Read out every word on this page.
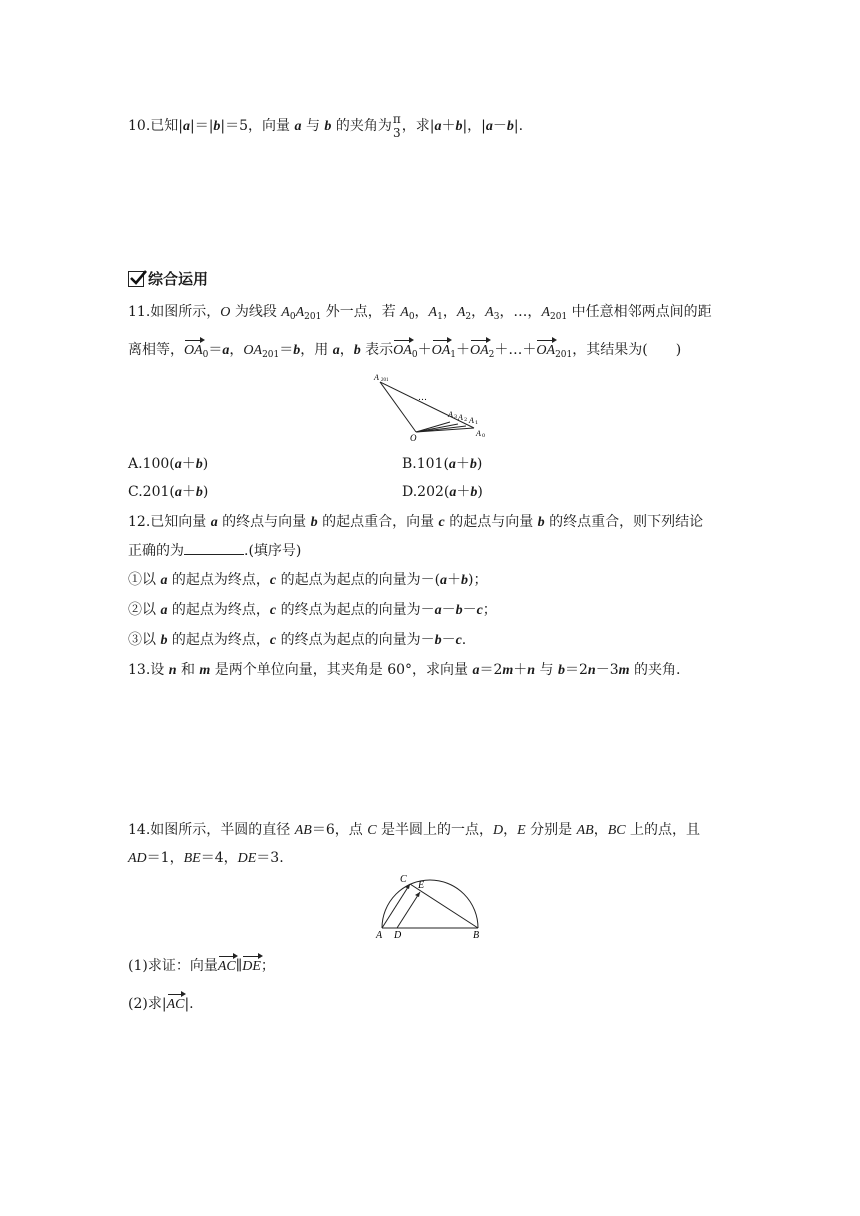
10.已知|a|＝|b|＝5，向量 a 与 b 的夹角为 π
3 ，求|a＋b|，|a－b|.
综合运用
11.如图所示，O 为线段 $A_0A_{201}$ 外一点，若 $A_0$，$A_1$，$A_2$，$A_3$，…，$A_{201}$ 中任意相邻两点间的距
离相等，$OA_0=a$，$OA_{201}=b$，用 a，b 表示$OA_0+OA_1+OA_2+\dots+OA_{201}$，其结果为(　　)
A 201
…
A 3 A 2 A 1
A 0
O
A.100(a＋b)	B.101(a＋b)
C.201(a＋b)	D.202(a＋b)
12.已知向量 a 的终点与向量 b 的起点重合，向量 c 的起点与向量 b 的终点重合，则下列结论
正确的为	.(填序号)
①以 a 的起点为终点，c 的起点为起点的向量为－(a＋b)；
②以 a 的起点为终点，c 的终点为起点的向量为－a－b－c；
③以 b 的起点为终点，c 的终点为起点的向量为－b－c.
13.设 n 和 m 是两个单位向量，其夹角是 60°，求向量 a＝2m＋n 与 b＝2n－3m 的夹角.
14.如图所示，半圆的直径 AB＝6，点 C 是半圆上的一点，D，E 分别是 AB，BC 上的点，且
AD＝1，BE＝4，DE＝3.
A D	B
C
E
(1)求证：向量AC∥DE；
(2)求|AC|.
